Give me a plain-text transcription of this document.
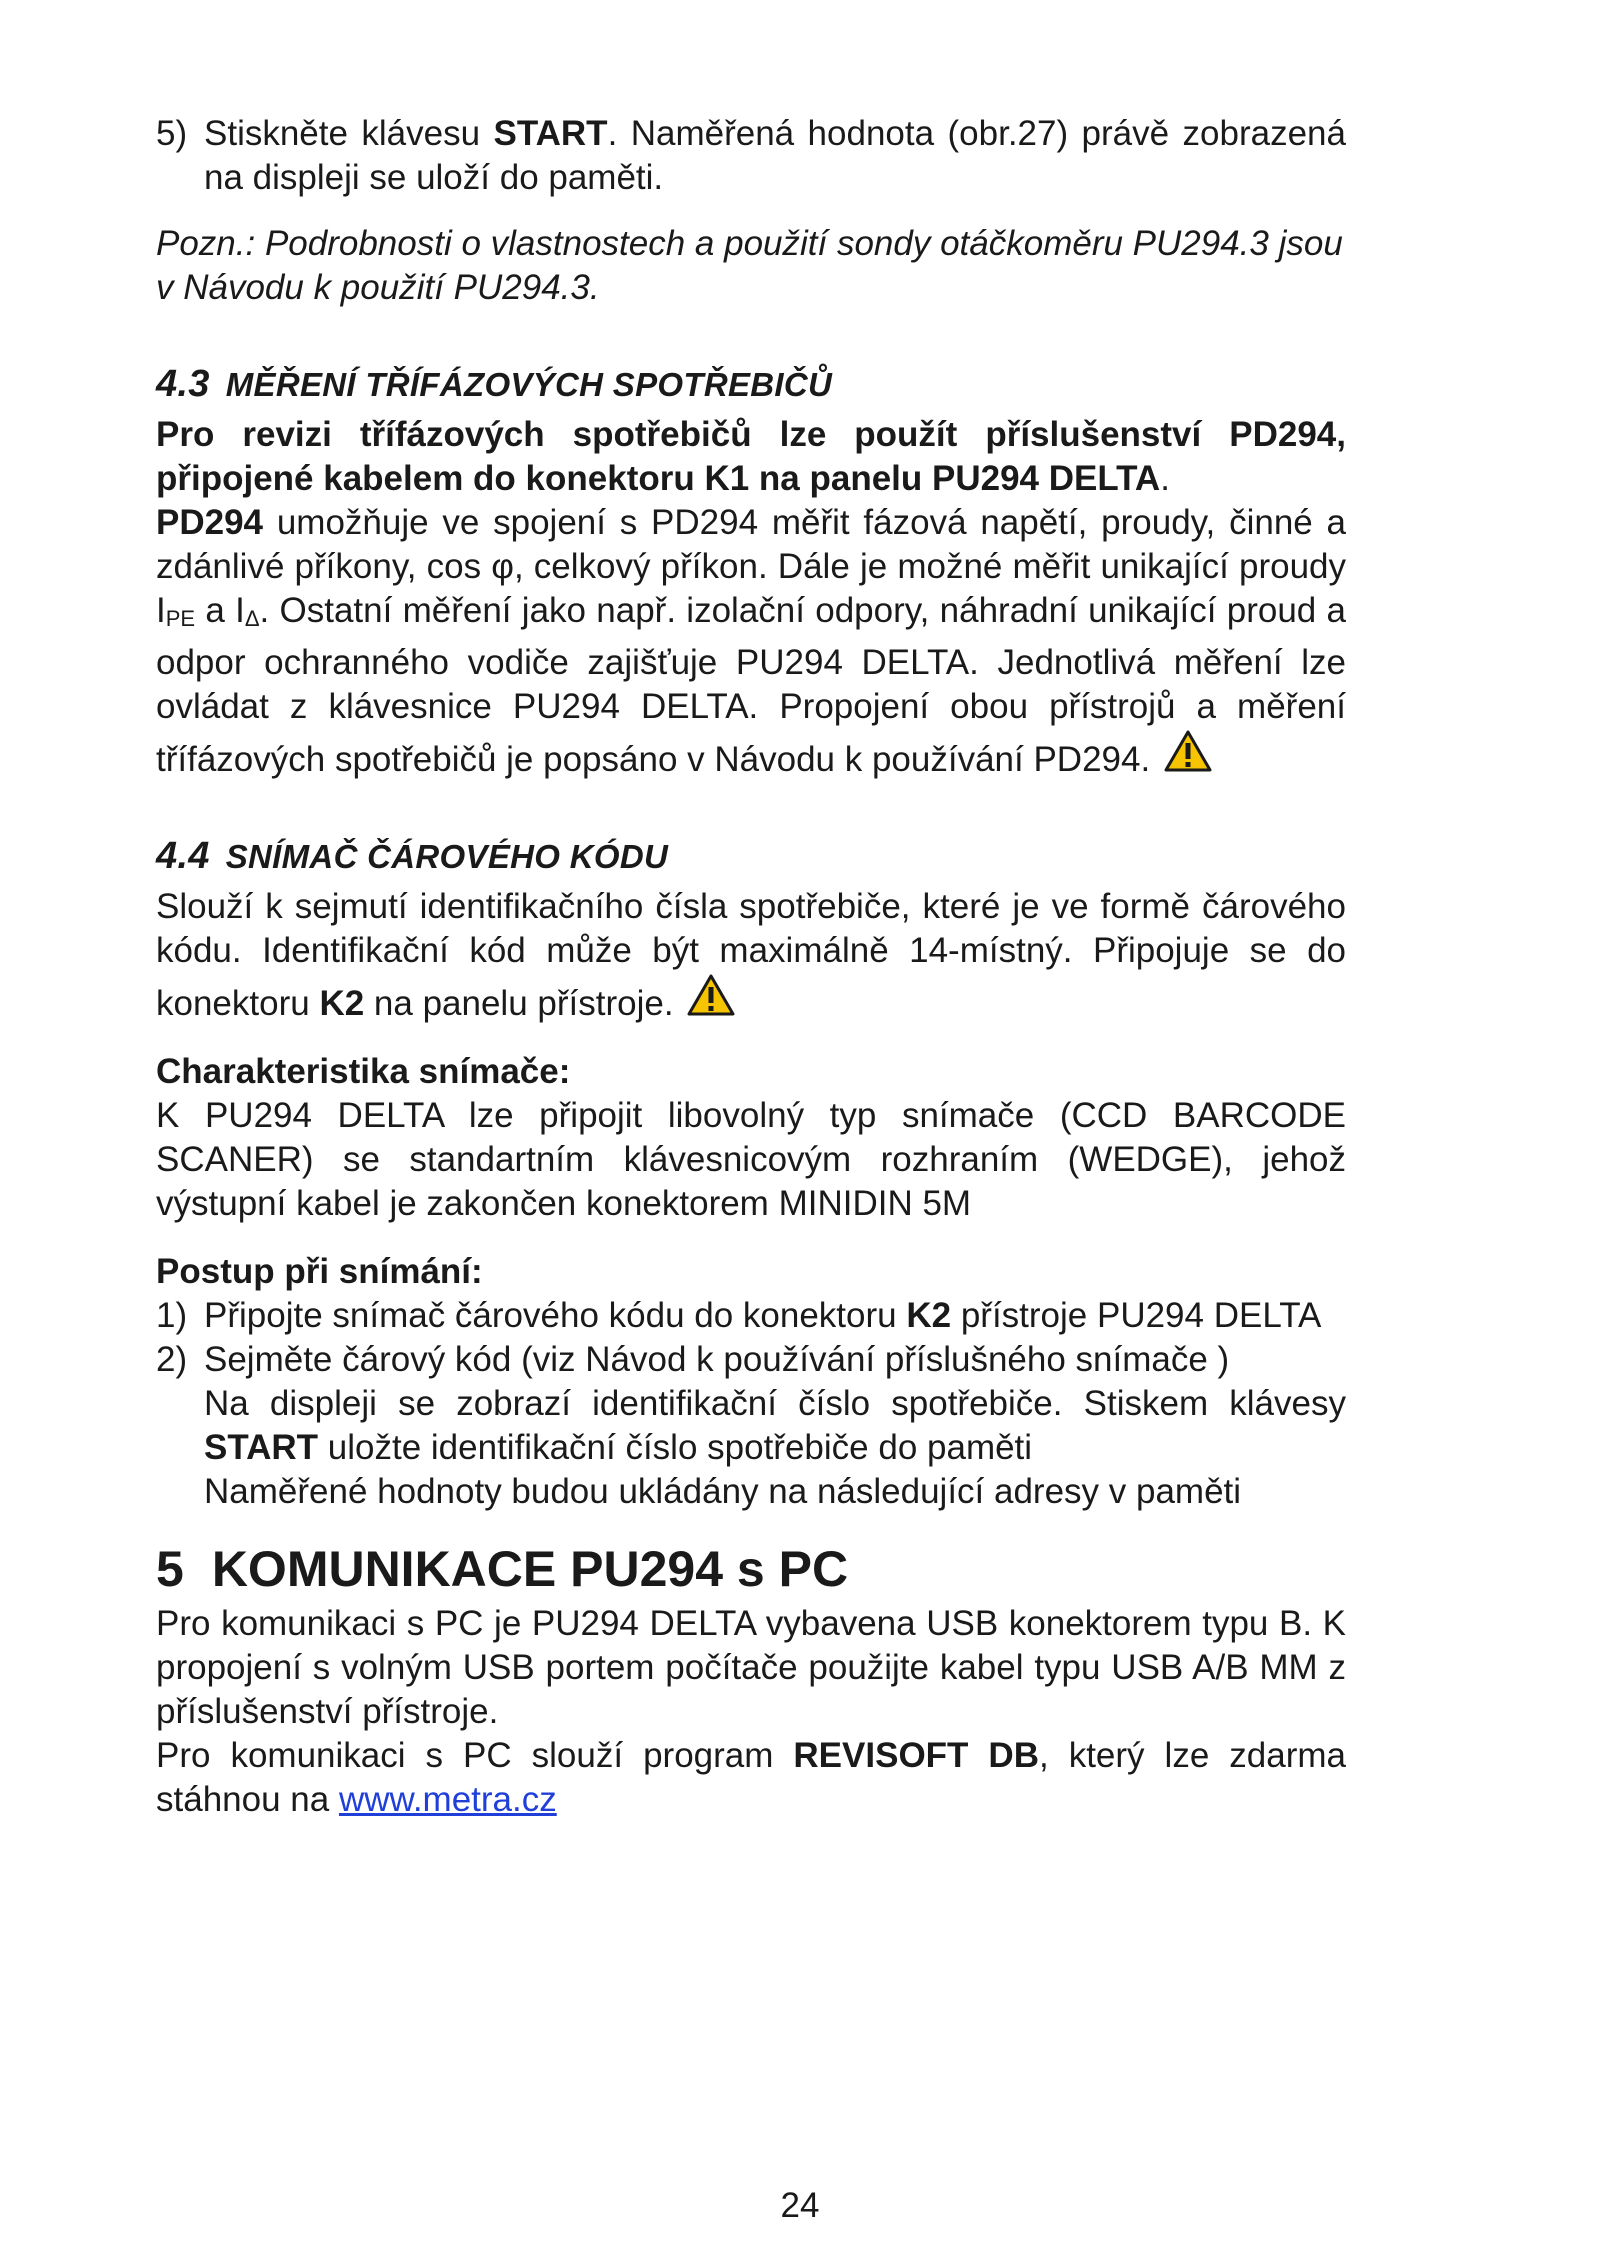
5) Stiskněte klávesu START. Naměřená hodnota (obr.27) právě zobrazená na displeji se uloží do paměti.
Pozn.: Podrobnosti o vlastnostech a použití sondy otáčkoměru PU294.3 jsou v Návodu k použití PU294.3.
4.3 MĚŘENÍ TŘÍFÁZOVÝCH SPOTŘEBIČŮ
Pro revizi třífázových spotřebičů lze použít příslušenství PD294, připojené kabelem do konektoru K1 na panelu PU294 DELTA.
PD294 umožňuje ve spojení s PD294 měřit fázová napětí, proudy, činné a zdánlivé příkony, cos φ, celkový příkon. Dále je možné měřit unikající proudy IPE a IΔ. Ostatní měření jako např. izolační odpory, náhradní unikající proud a odpor ochranného vodiče zajišťuje PU294 DELTA. Jednotlivá měření lze ovládat z klávesnice PU294 DELTA. Propojení obou přístrojů a měření třífázových spotřebičů je popsáno v Návodu k používání PD294.
4.4 SNÍMAČ ČÁROVÉHO KÓDU
Slouží k sejmutí identifikačního čísla spotřebiče, které je ve formě čárového kódu. Identifikační kód může být maximálně 14-místný. Připojuje se do konektoru K2 na panelu přístroje.
Charakteristika snímače:
K PU294 DELTA lze připojit libovolný typ snímače (CCD BARCODE SCANER) se standartním klávesnicovým rozhraním (WEDGE), jehož výstupní kabel je zakončen konektorem MINIDIN 5M
Postup při snímání:
1) Připojte snímač čárového kódu do konektoru K2 přístroje PU294 DELTA
2) Sejměte čárový kód (viz Návod k používání příslušného snímače )
Na displeji se zobrazí identifikační číslo spotřebiče. Stiskem klávesy START uložte identifikační číslo spotřebiče do paměti
Naměřené hodnoty budou ukládány na následující adresy v paměti
5 KOMUNIKACE PU294 s PC
Pro komunikaci s PC je PU294 DELTA vybavena USB konektorem typu B. K propojení s volným USB portem počítače použijte kabel typu USB A/B MM z příslušenství přístroje.
Pro komunikaci s PC slouží program REVISOFT DB, který lze zdarma stáhnou na www.metra.cz
24
